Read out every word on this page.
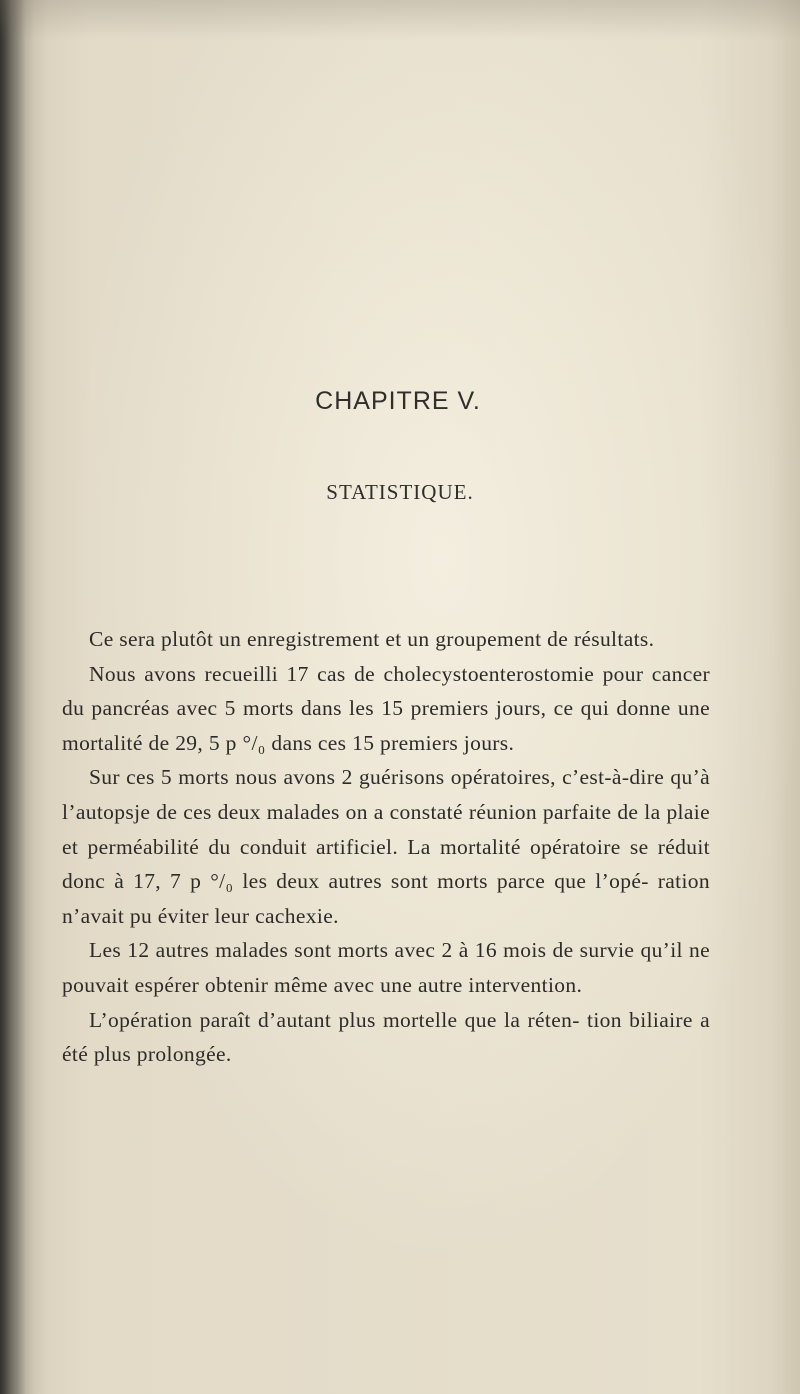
CHAPITRE V.
STATISTIQUE.

Ce sera plutôt un enregistrement et un groupement de résultats.

Nous avons recueilli 17 cas de cholecystoenterostomie pour cancer du pancréas avec 5 morts dans les 15 premiers jours, ce qui donne une mortalité de 29, 5 p °/₀ dans ces 15 premiers jours.

Sur ces 5 morts nous avons 2 guérisons opératoires, c’est-à-dire qu’à l’autopsje de ces deux malades on a constaté réunion parfaite de la plaie et perméabilité du conduit artificiel. La mortalité opératoire se réduit donc à 17, 7 p °/₀ les deux autres sont morts parce que l’opé- ration n’avait pu éviter leur cachexie.

Les 12 autres malades sont morts avec 2 à 16 mois de survie qu’il ne pouvait espérer obtenir même avec une autre intervention.

L’opération paraît d’autant plus mortelle que la réten- tion biliaire a été plus prolongée.
